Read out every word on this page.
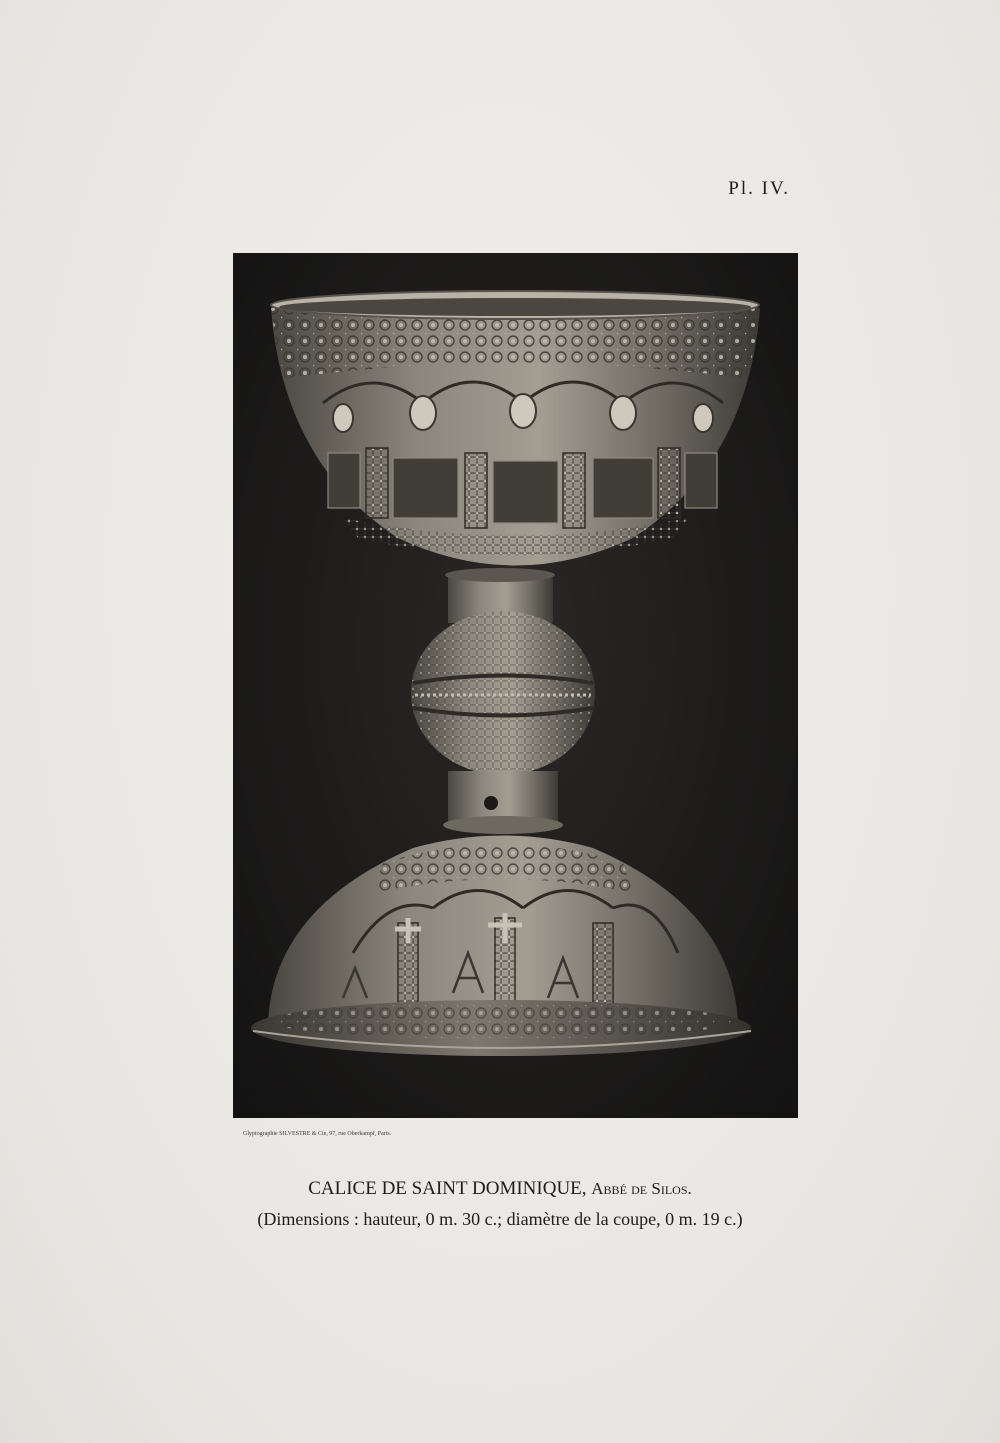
Pl. IV.
Glyptographie SILVESTRE & Cie, 97, rue Oberkampf, Paris.
CALICE DE SAINT DOMINIQUE, Abbé de Silos.
(Dimensions : hauteur, 0 m. 30 c.; diamètre de la coupe, 0 m. 19 c.)
